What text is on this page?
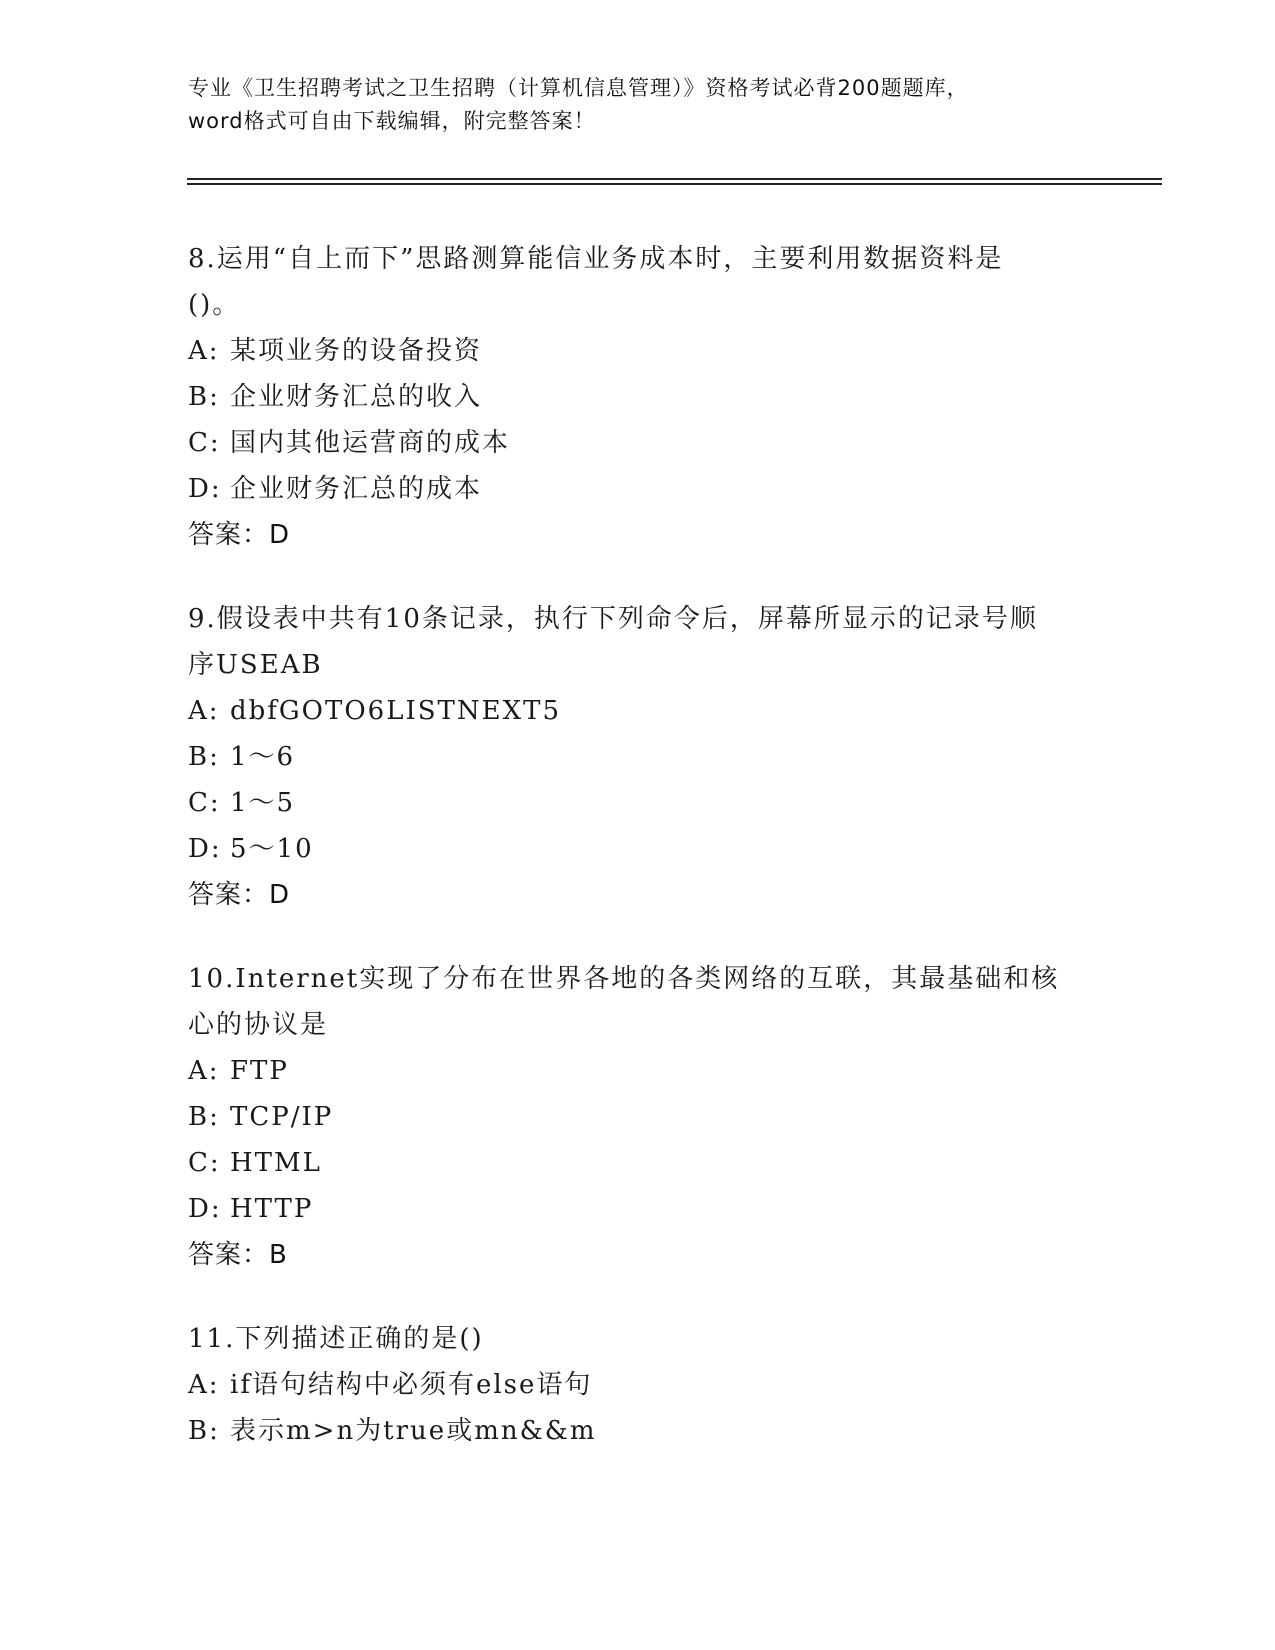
专业《卫生招聘考试之卫生招聘（计算机信息管理）》资格考试必背200题题库，
word格式可自由下载编辑，附完整答案！
8.运用“自上而下”思路测算能信业务成本时，主要利用数据资料是
()。
A: 某项业务的设备投资
B: 企业财务汇总的收入
C: 国内其他运营商的成本
D: 企业财务汇总的成本
答案：D
9.假设表中共有10条记录，执行下列命令后，屏幕所显示的记录号顺
序USEAB
A: dbfGOTO6LISTNEXT5
B: 1～6
C: 1～5
D: 5～10
答案：D
10.Internet实现了分布在世界各地的各类网络的互联，其最基础和核
心的协议是
A: FTP
B: TCP/IP
C: HTML
D: HTTP
答案：B
11.下列描述正确的是()
A: if语句结构中必须有else语句
B: 表示m>n为true或mn&&m
